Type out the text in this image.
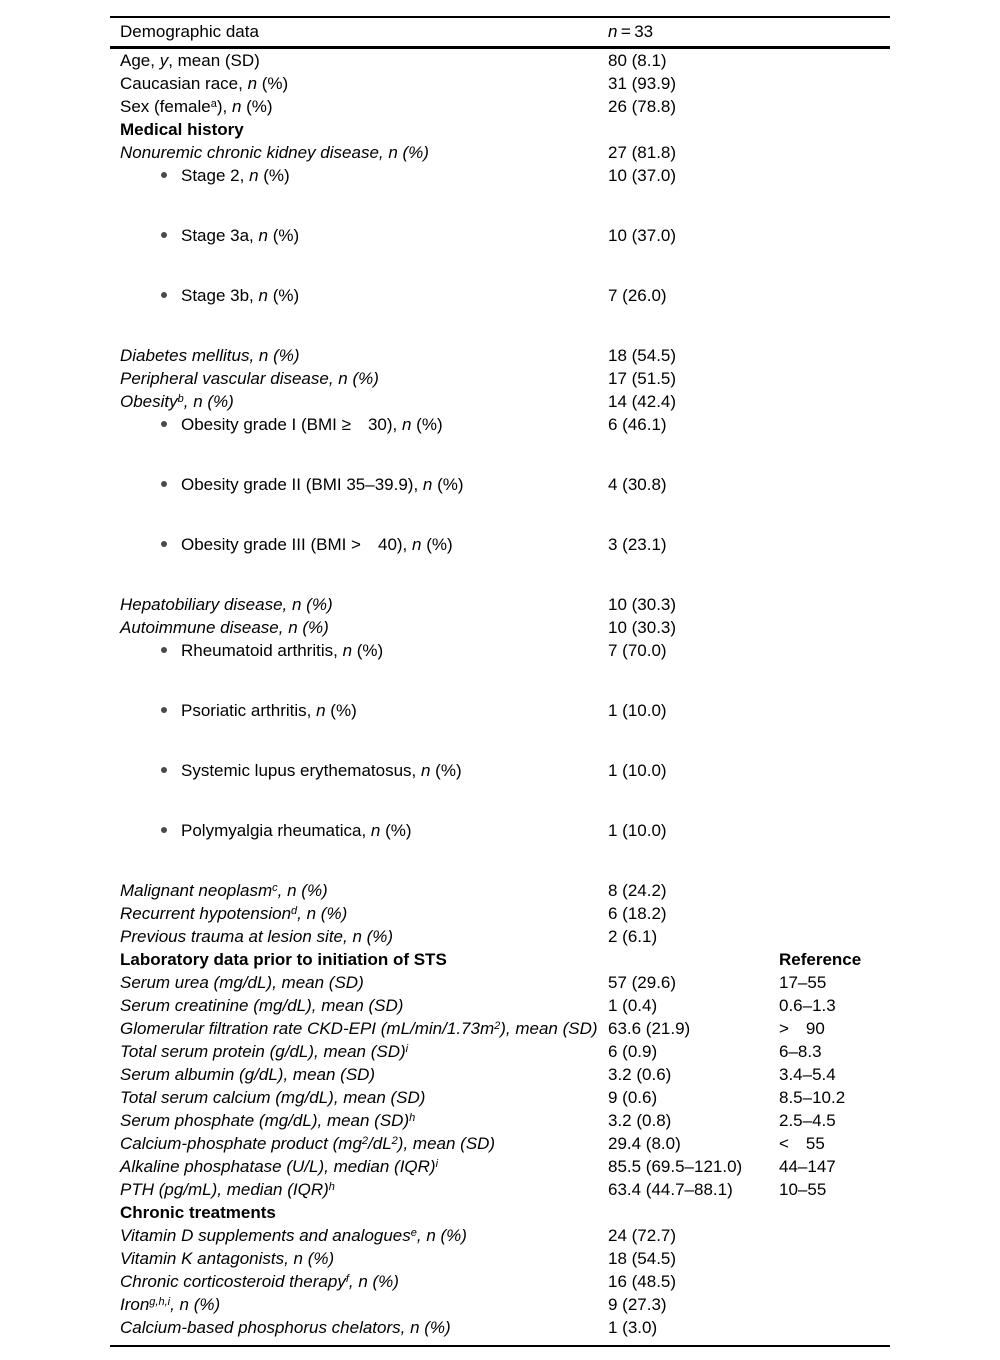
Demographic data	n = 33
Age, y, mean (SD)	80 (8.1)
Caucasian race, n (%)	31 (93.9)
Sex (female$^a$), n (%)	26 (78.8)
Medical history
Nonuremic chronic kidney disease, n (%)	27 (81.8)
Stage 2, n (%)	10 (37.0)
Stage 3a, n (%)	10 (37.0)
Stage 3b, n (%)	7 (26.0)
Diabetes mellitus, n (%)	18 (54.5)
Peripheral vascular disease, n (%)	17 (51.5)
Obesity$^b$, n (%)	14 (42.4)
Obesity grade I (BMI ≥ 30), n (%)	6 (46.1)
Obesity grade II (BMI 35–39.9), n (%)	4 (30.8)
Obesity grade III (BMI > 40), n (%)	3 (23.1)
Hepatobiliary disease, n (%)	10 (30.3)
Autoimmune disease, n (%)	10 (30.3)
Rheumatoid arthritis, n (%)	7 (70.0)
Psoriatic arthritis, n (%)	1 (10.0)
Systemic lupus erythematosus, n (%)	1 (10.0)
Polymyalgia rheumatica, n (%)	1 (10.0)
Malignant neoplasm$^c$, n (%)	8 (24.2)
Recurrent hypotension$^d$, n (%)	6 (18.2)
Previous trauma at lesion site, n (%)	2 (6.1)
Laboratory data prior to initiation of STS	Reference
Serum urea (mg/dL), mean (SD)	57 (29.6)	17–55
Serum creatinine (mg/dL), mean (SD)	1 (0.4)	0.6–1.3
Glomerular filtration rate CKD-EPI $(mL/\min/1.73m^2)$, mean (SD) 63.6 (21.9)	> 90
Total serum protein (g/dL), mean (SD)$^i$	6 (0.9)	6–8.3
Serum albumin (g/dL), mean (SD)	3.2 (0.6)	3.4–5.4
Total serum calcium (mg/dL), mean (SD)	9 (0.6)	8.5–10.2
Serum phosphate (mg/dL), mean (SD)$^h$	3.2 (0.8)	2.5–4.5
Calcium-phosphate product $(mg^2/dL^2)$, mean (SD)	29.4 (8.0)	< 55
Alkaline phosphatase (U/L), median (IQR)$^i$	85.5 (69.5–121.0)	44–147
PTH (pg/mL), median (IQR)$^h$	63.4 (44.7–88.1)	10–55
Chronic treatments
Vitamin D supplements and analogues$^e$, n (%)	24 (72.7)
Vitamin K antagonists, n (%)	18 (54.5)
Chronic corticosteroid therapy$^f$, n (%)	16 (48.5)
Iron$^{g,h,i}$, n (%)	9 (27.3)
Calcium-based phosphorus chelators, n (%)	1 (3.0)
